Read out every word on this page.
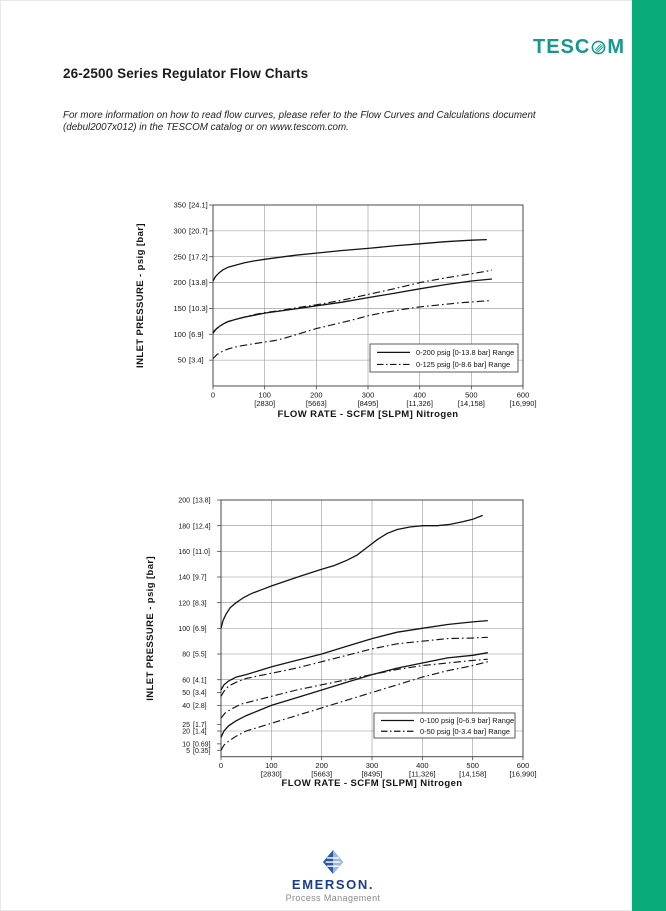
TESC M
26-2500 Series Regulator Flow Charts
For more information on how to read flow curves, please refer to the Flow Curves and Calculations document (debul2007x012) in the TESCOM catalog or on www.tescom.com.
350 [24.1]
300 [20.7]
250 [17.2]
200 [13.8]
150 [10.3]
100 [6.9]
50 [3.4]
0	100
[2830]
200
[5663]
300
[8495]
400
[11,326]
500
[14,158]
600
[16,990]
0-200 psig [0-13.8 bar] Range
0-125 psig [0-8.6 bar] Range
FLOW RATE - SCFM [SLPM] Nitrogen
INLET PRESSURE - psig [bar]
200 [13.8]
180 [12.4]
160 [11.0]
140 [9.7]
120 [8.3]
100 [6.9]
80 [5.5]
60 [4.1]
50 [3.4]
40 [2.8]
25 [1.7]
20 [1.4]
10 [0.69]
5 [0.35]
0	100
[2830]
200
[5663]
300
[8495]
400
[11,326]
500
[14,158]
600
[16,990]
0-100 psig [0-6.9 bar] Range
0-50 psig [0-3.4 bar] Range
FLOW RATE - SCFM [SLPM] Nitrogen
INLET PRESSURE - psig [bar]
EMERSON.
Process Management
